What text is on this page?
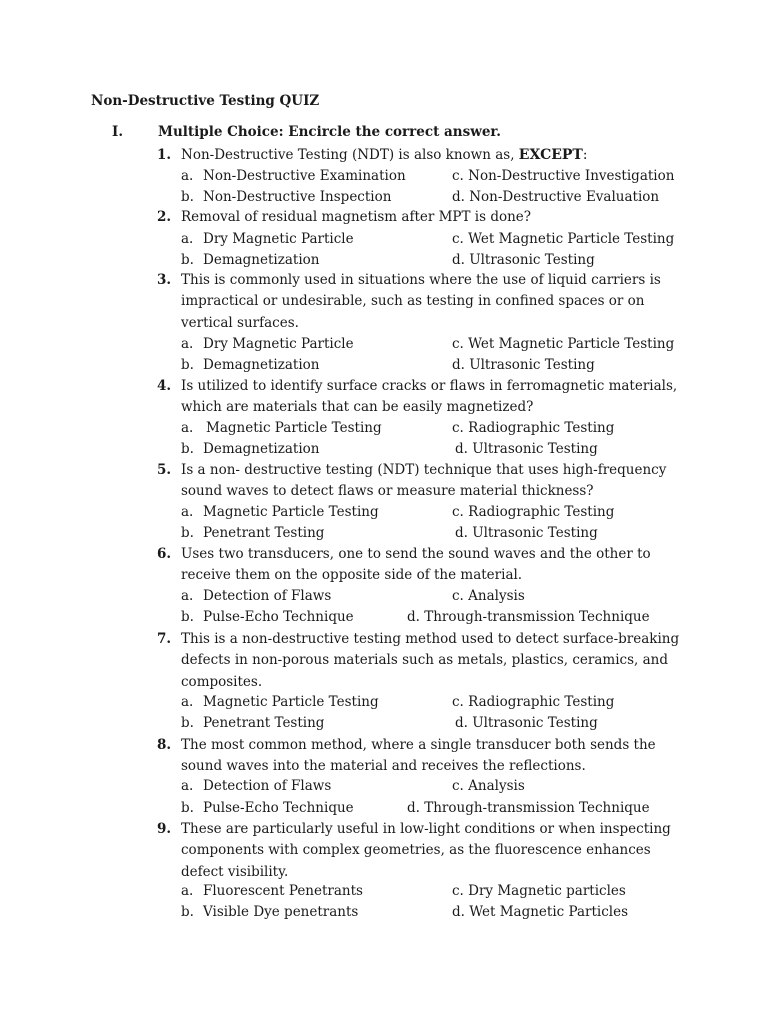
Non-Destructive Testing QUIZ
I.	Multiple Choice: Encircle the correct answer.
1. Non-Destructive Testing (NDT) is also known as, EXCEPT:
a. Non-Destructive Examination	c. Non-Destructive Investigation
b. Non-Destructive Inspection	d. Non-Destructive Evaluation
2. Removal of residual magnetism after MPT is done?
a. Dry Magnetic Particle	c. Wet Magnetic Particle Testing
b. Demagnetization	d. Ultrasonic Testing
3. This is commonly used in situations where the use of liquid carriers is impractical or undesirable, such as testing in confined spaces or on vertical surfaces.
a. Dry Magnetic Particle	c. Wet Magnetic Particle Testing
b. Demagnetization	d. Ultrasonic Testing
4. Is utilized to identify surface cracks or flaws in ferromagnetic materials, which are materials that can be easily magnetized?
a. Magnetic Particle Testing	c. Radiographic Testing
b. Demagnetization	d. Ultrasonic Testing
5. Is a non- destructive testing (NDT) technique that uses high-frequency sound waves to detect flaws or measure material thickness?
a. Magnetic Particle Testing	c. Radiographic Testing
b. Penetrant Testing	d. Ultrasonic Testing
6. Uses two transducers, one to send the sound waves and the other to receive them on the opposite side of the material.
a. Detection of Flaws	c. Analysis
b. Pulse-Echo Technique	d. Through-transmission Technique
7. This is a non-destructive testing method used to detect surface-breaking defects in non-porous materials such as metals, plastics, ceramics, and composites.
a. Magnetic Particle Testing	c. Radiographic Testing
b. Penetrant Testing	d. Ultrasonic Testing
8. The most common method, where a single transducer both sends the sound waves into the material and receives the reflections.
a. Detection of Flaws	c. Analysis
b. Pulse-Echo Technique	d. Through-transmission Technique
9. These are particularly useful in low-light conditions or when inspecting components with complex geometries, as the fluorescence enhances defect visibility.
a. Fluorescent Penetrants	c. Dry Magnetic particles
b. Visible Dye penetrants	d. Wet Magnetic Particles
